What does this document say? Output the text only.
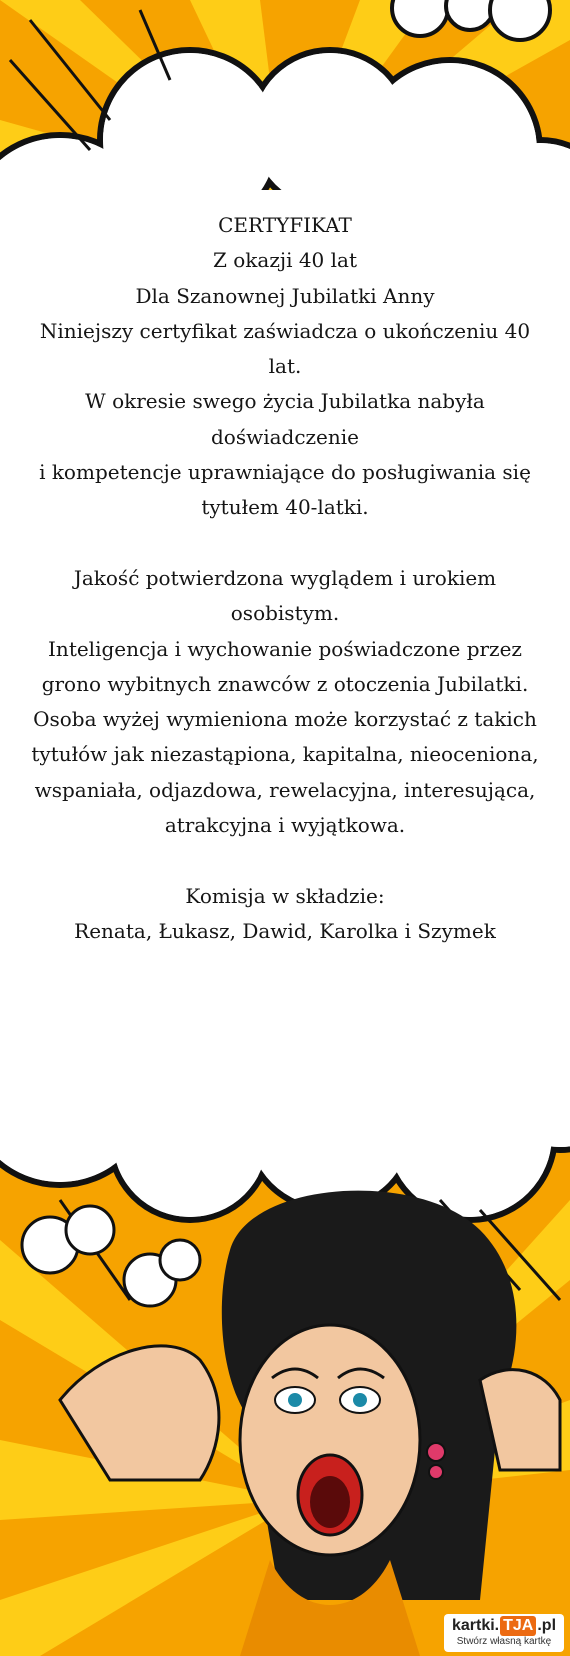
CERTYFIKAT

Z okazji 40 lat

Dla Szanownej Jubilatki Anny

Niniejszy certyfikat zaświadcza o ukończeniu 40 lat.

W okresie swego życia Jubilatka nabyła doświadczenie

i kompetencje uprawniające do posługiwania się tytułem 40-latki.

Jakość potwierdzona wyglądem i urokiem osobistym.

Inteligencja i wychowanie poświadczone przez grono wybitnych znawców z otoczenia Jubilatki.

Osoba wyżej wymieniona może korzystać z takich tytułów jak niezastąpiona, kapitalna, nieoceniona, wspaniała, odjazdowa, rewelacyjna, interesująca,

atrakcyjna i wyjątkowa.

Komisja w składzie:

Renata, Łukasz, Dawid, Karolka i Szymek

kartki. TJA .pl
Stwórz własną kartkę
